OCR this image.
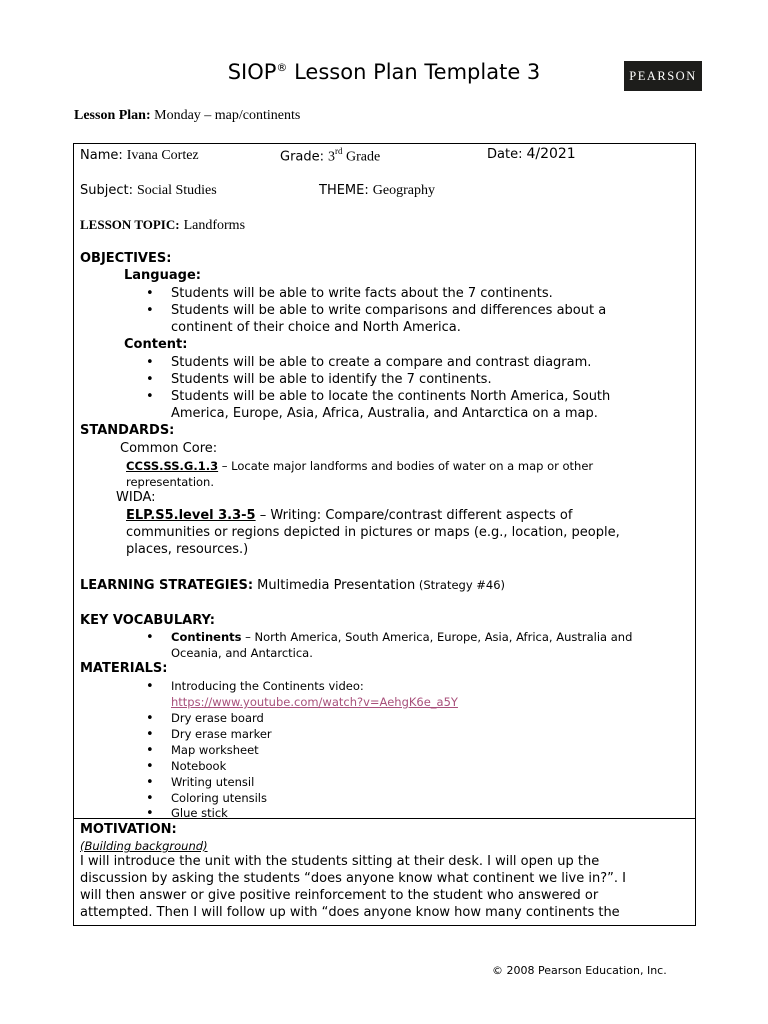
SIOP® Lesson Plan Template 3	PEARSON
Lesson Plan: Monday – map/continents
Name: Ivana Cortez	Grade: 3rd Grade	Date: 4/2021
Subject: Social Studies	THEME: Geography
LESSON TOPIC: Landforms
OBJECTIVES:
Language:
• Students will be able to write facts about the 7 continents.
• Students will be able to write comparisons and differences about a
continent of their choice and North America.
Content:
• Students will be able to create a compare and contrast diagram.
• Students will be able to identify the 7 continents.
• Students will be able to locate the continents North America, South
America, Europe, Asia, Africa, Australia, and Antarctica on a map.
STANDARDS:
Common Core:
CCSS.SS.G.1.3 – Locate major landforms and bodies of water on a map or other
representation.
WIDA:
ELP.S5.level 3.3-5 – Writing: Compare/contrast different aspects of
communities or regions depicted in pictures or maps (e.g., location, people,
places, resources.)
LEARNING STRATEGIES: Multimedia Presentation (Strategy #46)
KEY VOCABULARY:
• Continents – North America, South America, Europe, Asia, Africa, Australia and
Oceania, and Antarctica.
MATERIALS:
• Introducing the Continents video:
https://www.youtube.com/watch?v=AehgK6e_a5Y
• Dry erase board
• Dry erase marker
• Map worksheet
• Notebook
• Writing utensil
• Coloring utensils
• Glue stick
MOTIVATION:
(Building background)
I will introduce the unit with the students sitting at their desk. I will open up the
discussion by asking the students “does anyone know what continent we live in?”. I
will then answer or give positive reinforcement to the student who answered or
attempted. Then I will follow up with “does anyone know how many continents the
© 2008 Pearson Education, Inc.
